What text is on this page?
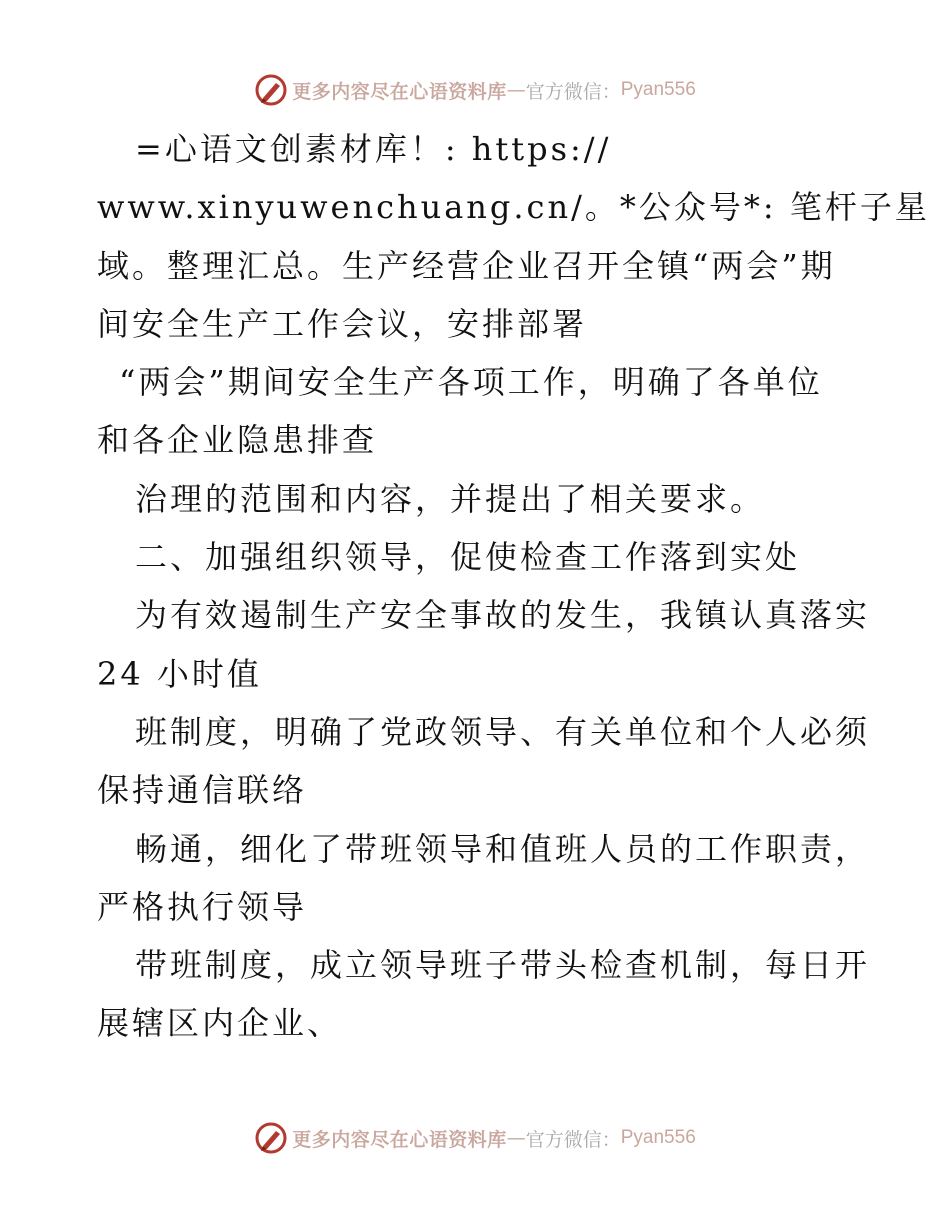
更多内容尽在心语资料库 — 官方微信： Pyan556
=心语文创素材库！: https://
www.xinyuwenchuang.cn/。*公众号*: 笔杆子星
域。整理汇总。生产经营企业召开全镇“两会”期
间安全生产工作会议，安排部署
“两会”期间安全生产各项工作，明确了各单位
和各企业隐患排查
治理的范围和内容，并提出了相关要求。
二、加强组织领导，促使检查工作落到实处
为有效遏制生产安全事故的发生，我镇认真落实
24 小时值
班制度，明确了党政领导、有关单位和个人必须
保持通信联络
畅通，细化了带班领导和值班人员的工作职责，
严格执行领导
带班制度，成立领导班子带头检查机制，每日开
展辖区内企业、
更多内容尽在心语资料库 — 官方微信： Pyan556
